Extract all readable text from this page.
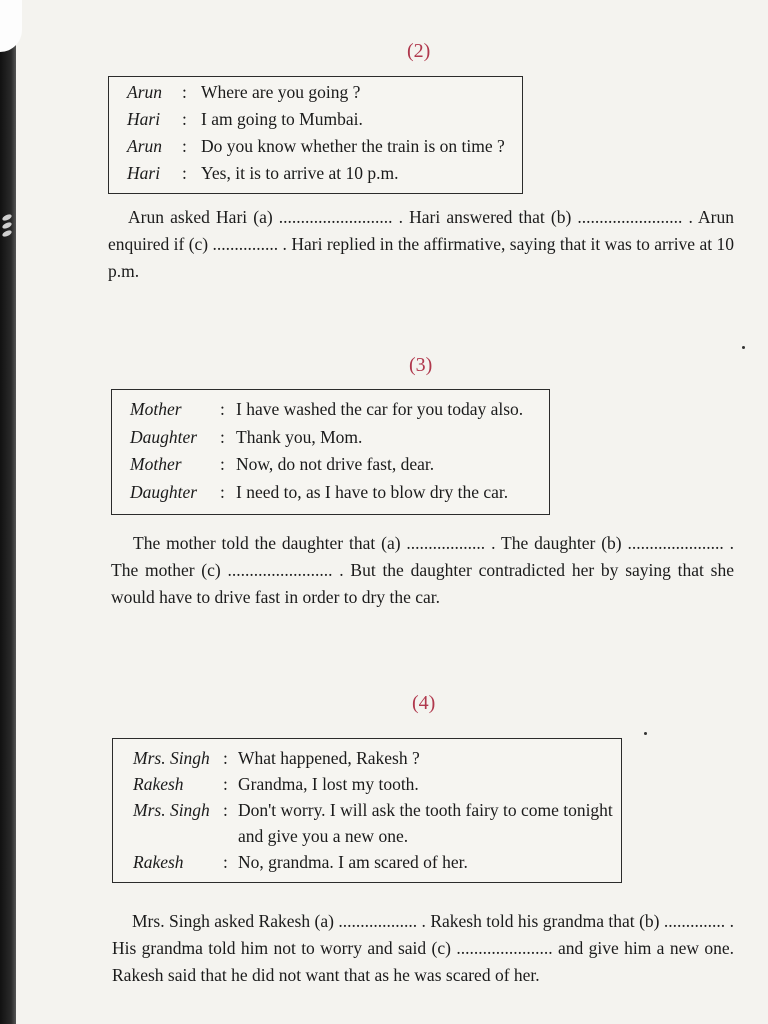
(2)
Arun : Where are you going ?
Hari : I am going to Mumbai.
Arun : Do you know whether the train is on time ?
Hari : Yes, it is to arrive at 10 p.m.
Arun asked Hari (a) .......................... . Hari answered that (b) ........................ . Arun enquired if (c) ............... . Hari replied in the affirmative, saying that it was to arrive at 10 p.m.
(3)
Mother : I have washed the car for you today also.
Daughter : Thank you, Mom.
Mother : Now, do not drive fast, dear.
Daughter : I need to, as I have to blow dry the car.
The mother told the daughter that (a) .................. . The daughter (b) ...................... . The mother (c) ........................ . But the daughter contradicted her by saying that she would have to drive fast in order to dry the car.
(4)
Mrs. Singh : What happened, Rakesh ?
Rakesh : Grandma, I lost my tooth.
Mrs. Singh : Don't worry. I will ask the tooth fairy to come tonight
and give you a new one.
Rakesh : No, grandma. I am scared of her.
Mrs. Singh asked Rakesh (a) .................. . Rakesh told his grandma that (b) .............. . His grandma told him not to worry and said (c) ...................... and give him a new one. Rakesh said that he did not want that as he was scared of her.
